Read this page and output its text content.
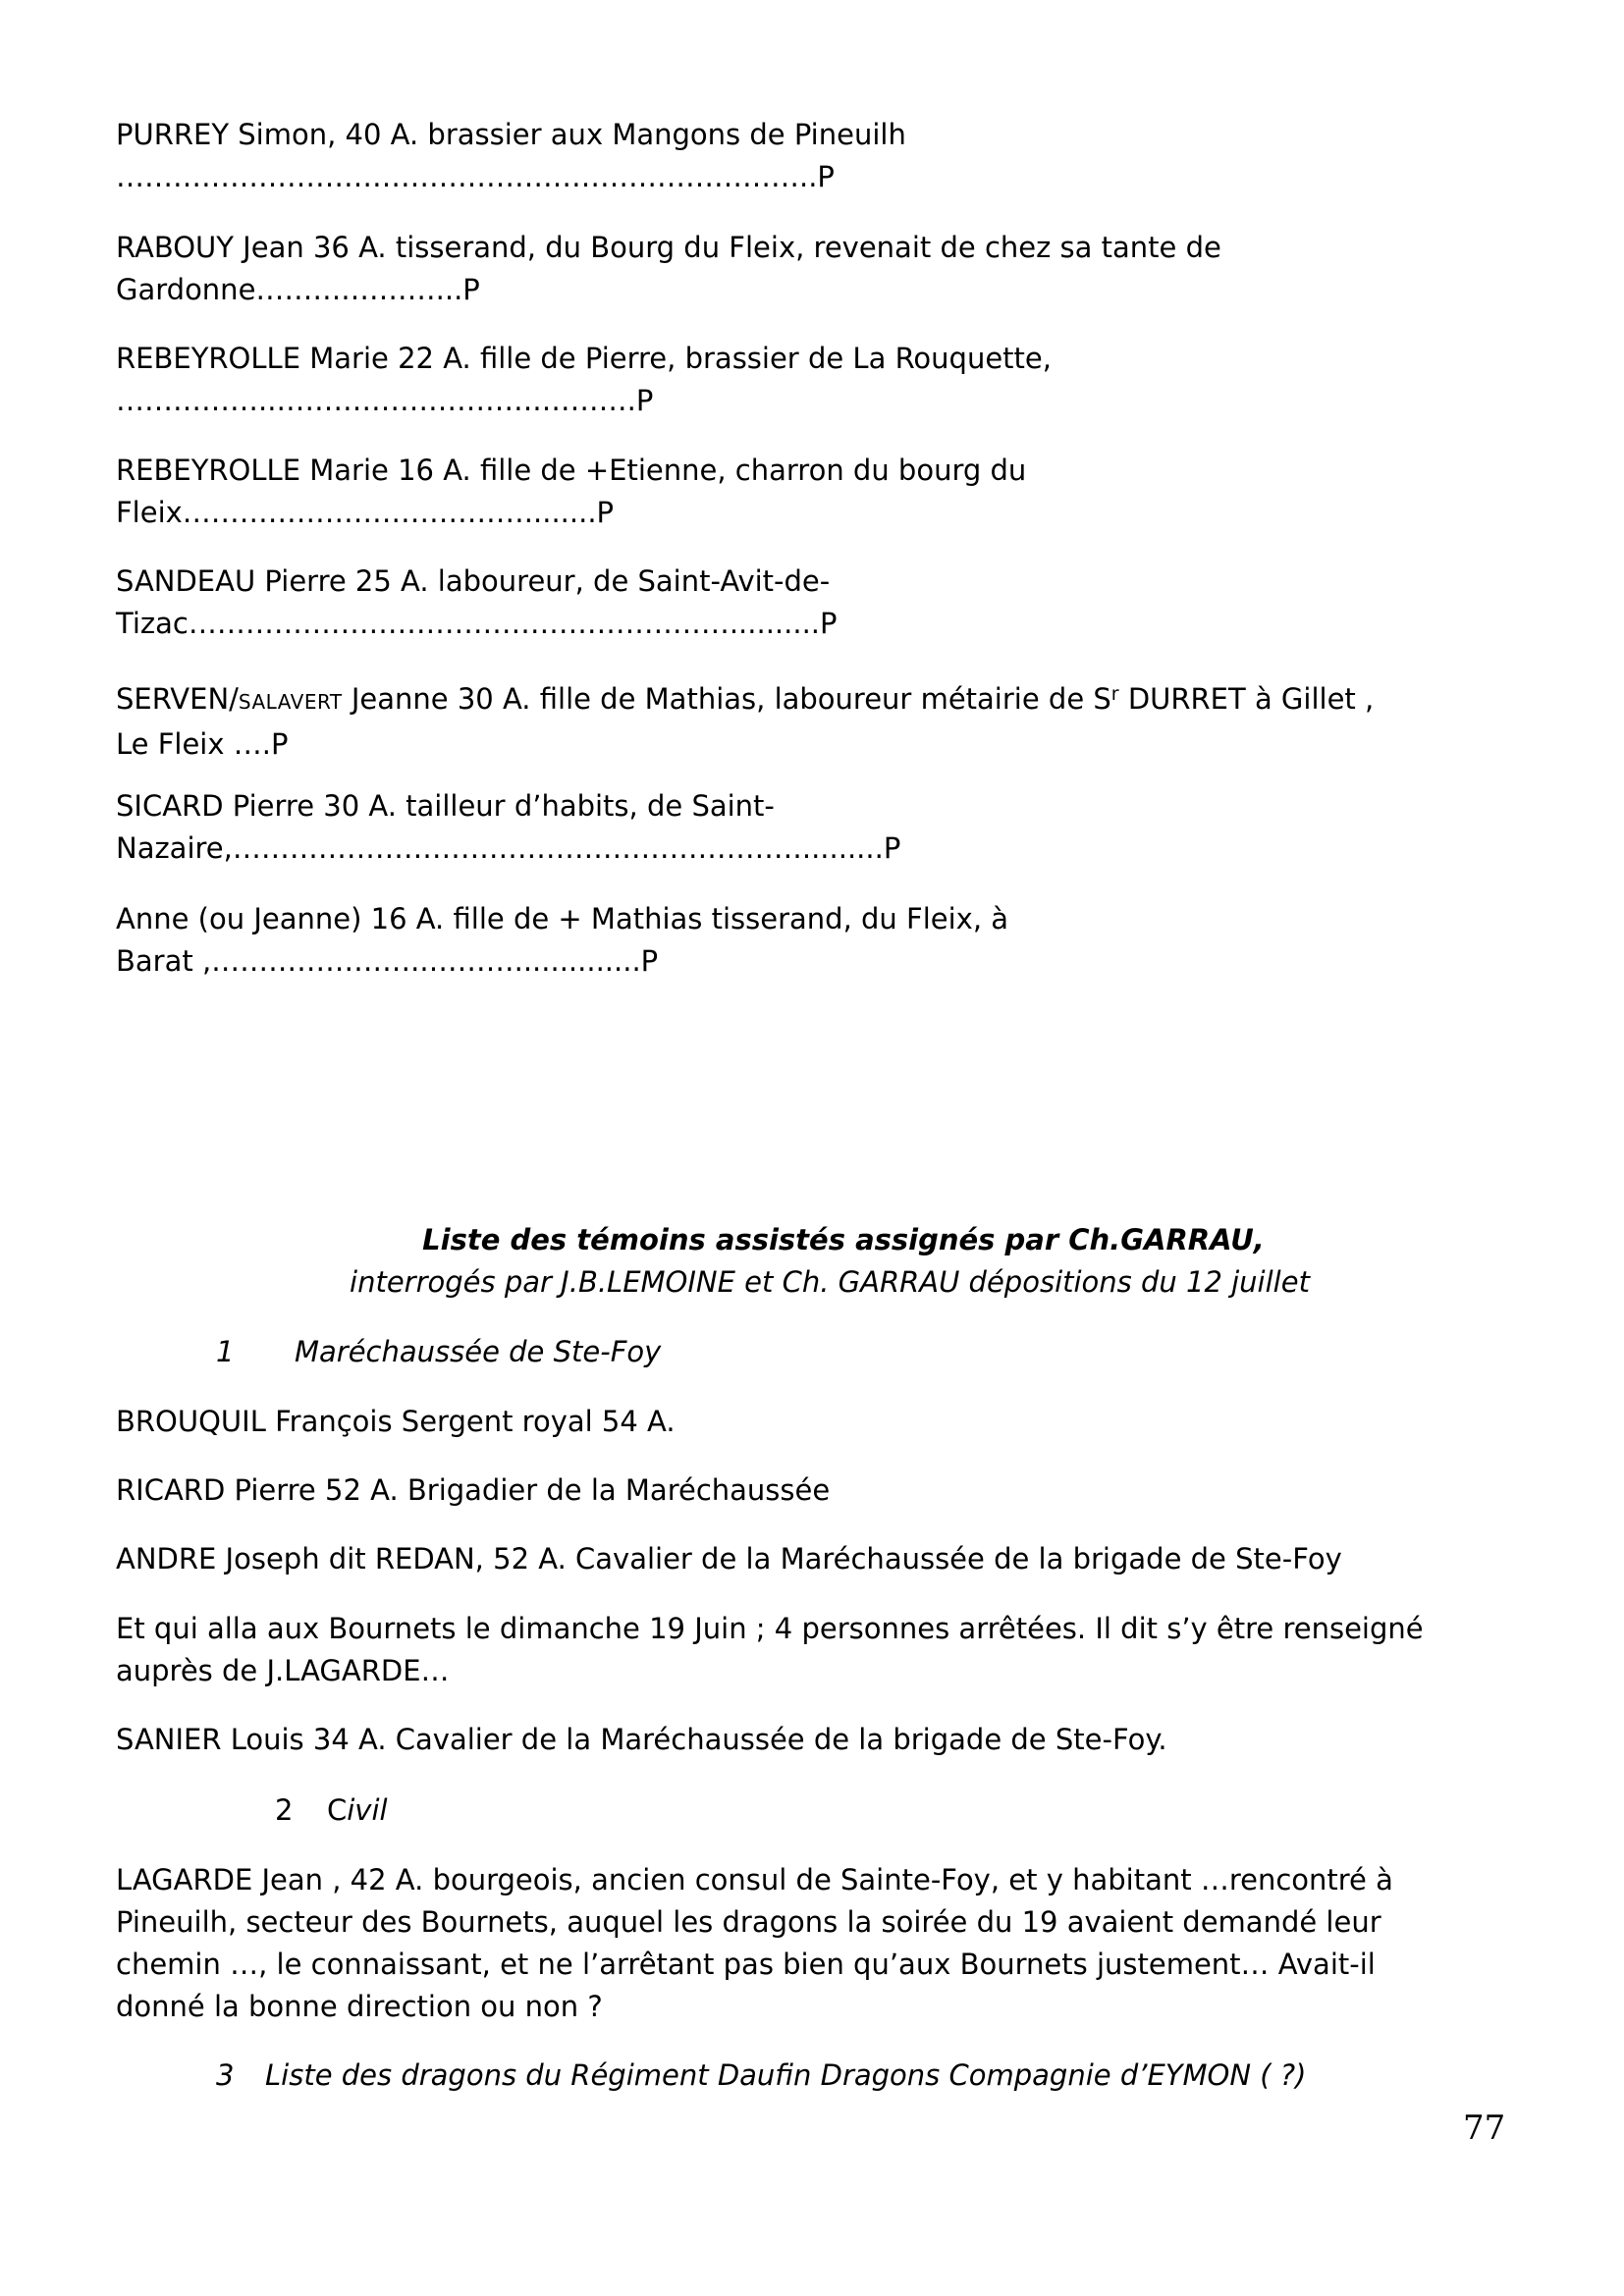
PURREY Simon, 40 A. brassier aux Mangons de Pineuilh
………………………………………………………………..P
RABOUY Jean 36 A. tisserand, du Bourg du Fleix, revenait de chez sa tante de
Gardonne……….………...P
REBEYROLLE Marie 22 A. fille de Pierre, brassier de La Rouquette,
……………..……………………….……….P
REBEYROLLE Marie 16 A. fille de +Etienne, charron du bourg du
Fleix………………………………........P
SANDEAU Pierre 25 A. laboureur, de Saint-Avit-de-
Tizac…………………………………………………..........P
SERVEN/SALAVERT Jeanne 30 A. fille de Mathias, laboureur métairie de $S^r$ DURRET à Gillet ,
Le Fleix ….P
SICARD Pierre 30 A. tailleur d’habits, de Saint-
Nazaire,…………………………………………………….........P
Anne (ou Jeanne) 16 A. fille de + Mathias tisserand, du Fleix, à
Barat ,…………………..………..............P
Liste des témoins assistés assignés par Ch.GARRAU,
interrogés par J.B.LEMOINE et Ch. GARRAU dépositions du 12 juillet
1 Maréchaussée de Ste-Foy
BROUQUIL François Sergent royal 54 A.
RICARD Pierre 52 A. Brigadier de la Maréchaussée
ANDRE Joseph dit REDAN, 52 A. Cavalier de la Maréchaussée de la brigade de Ste-Foy
Et qui alla aux Bournets le dimanche 19 Juin ; 4 personnes arrêtées. Il dit s’y être renseigné
auprès de J.LAGARDE…
SANIER Louis 34 A. Cavalier de la Maréchaussée de la brigade de Ste-Foy.
2 Civil
LAGARDE Jean , 42 A. bourgeois, ancien consul de Sainte-Foy, et y habitant …rencontré à
Pineuilh, secteur des Bournets, auquel les dragons la soirée du 19 avaient demandé leur
chemin …, le connaissant, et ne l’arrêtant pas bien qu’aux Bournets justement… Avait-il
donné la bonne direction ou non ?
3 Liste des dragons du Régiment Daufin Dragons Compagnie d’EYMON ( ?)
77
